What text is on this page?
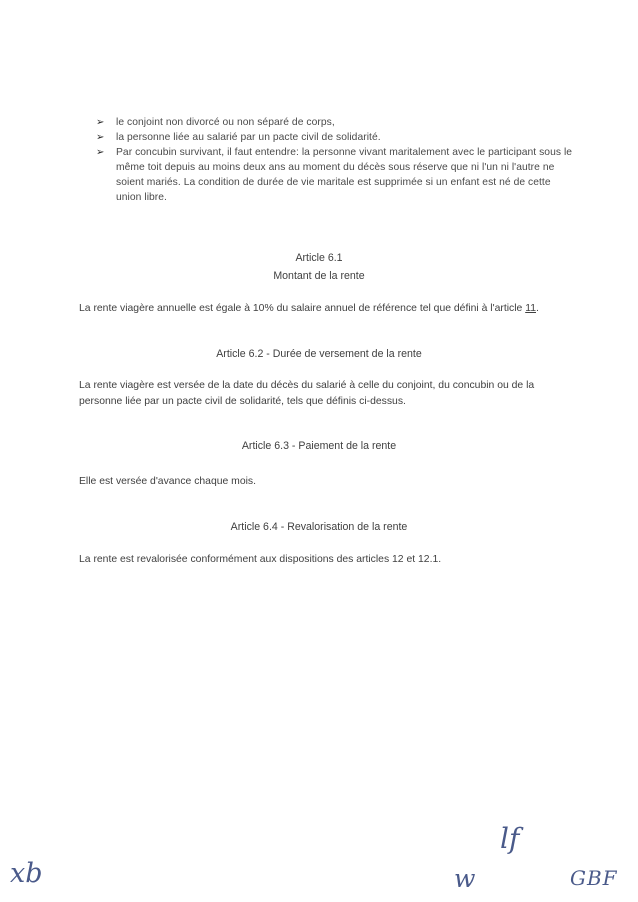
➢ le conjoint non divorcé ou non séparé de corps,
➢ la personne liée au salarié par un pacte civil de solidarité.
➢ Par concubin survivant, il faut entendre: la personne vivant maritalement avec le participant sous le même toit depuis au moins deux ans au moment du décès sous réserve que ni l'un ni l'autre ne soient mariés. La condition de durée de vie maritale est supprimée si un enfant est né de cette union libre.
Article 6.1
Montant de la rente
La rente viagère annuelle est égale à 10% du salaire annuel de référence tel que défini à l'article 11.
Article 6.2 - Durée de versement de la rente
La rente viagère est versée de la date du décès du salarié à celle du conjoint, du concubin ou de la personne liée par un pacte civil de solidarité, tels que définis ci-dessus.
Article 6.3 - Paiement de la rente
Elle est versée d'avance chaque mois.
Article 6.4 - Revalorisation de la rente
La rente est revalorisée conformément aux dispositions des articles 12 et 12.1.
xb	w
lf
GBF
